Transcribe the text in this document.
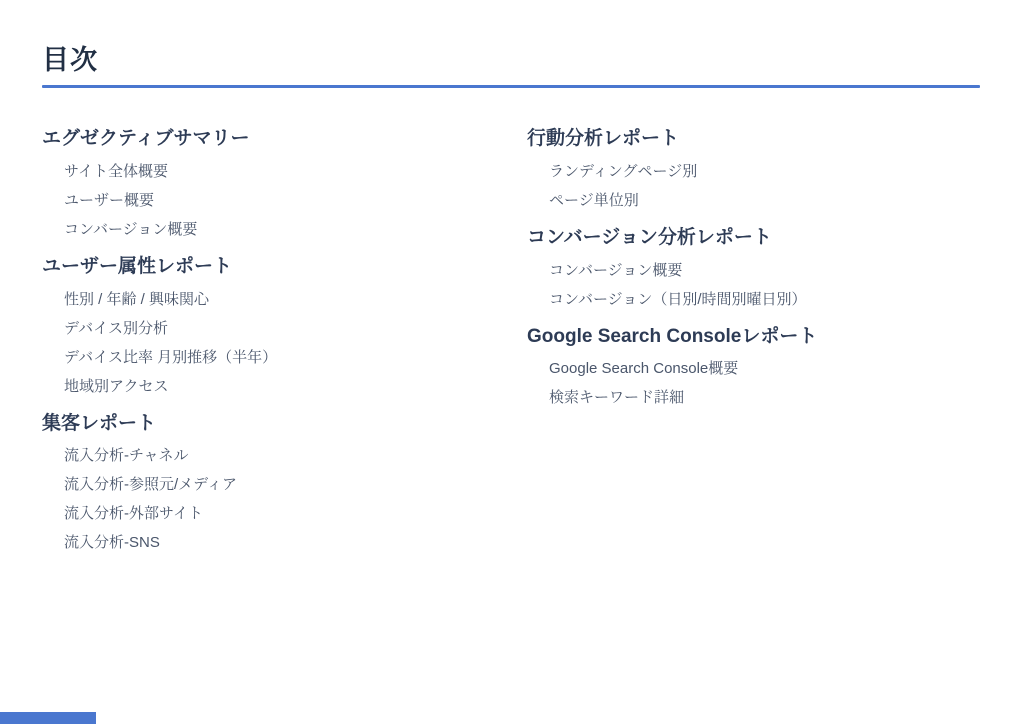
目次
エグゼクティブサマリー
サイト全体概要
ユーザー概要
コンバージョン概要
ユーザー属性レポート
性別 / 年齢 / 興味関心
デバイス別分析
デバイス比率 月別推移（半年）
地域別アクセス
集客レポート
流入分析-チャネル
流入分析-参照元/メディア
流入分析-外部サイト
流入分析-SNS
行動分析レポート
ランディングページ別
ページ単位別
コンバージョン分析レポート
コンバージョン概要
コンバージョン（日別/時間別曜日別）
Google Search Consoleレポート
Google Search Console概要
検索キーワード詳細
